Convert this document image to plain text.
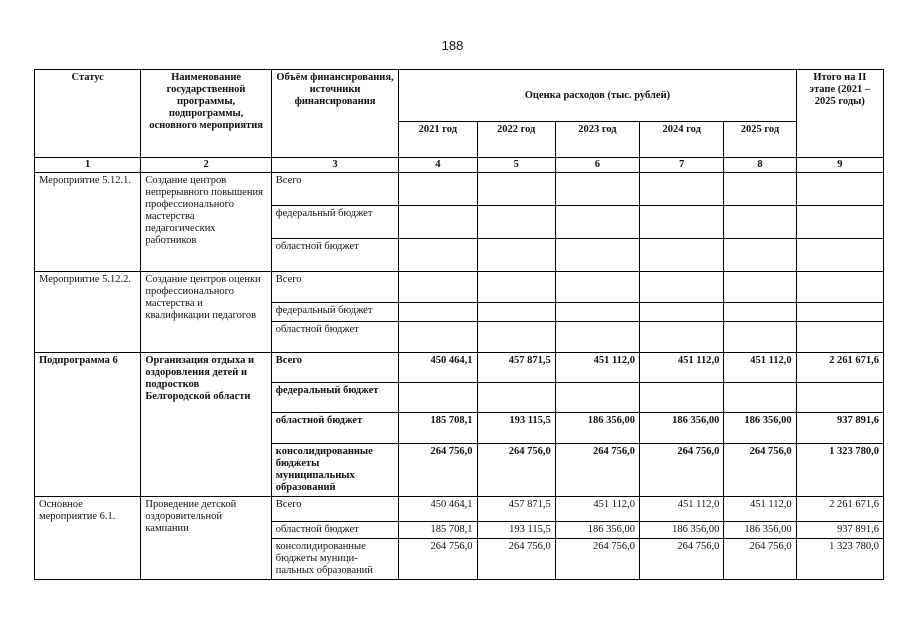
188
Статус	Наименование государственной программы, подпрограммы, основного мероприятия	Объём финансирования, источники финансирования	Оценка расходов (тыс. рублей)					Итого на II этапе (2021 – 2025 годы)
			2021 год	2022 год	2023 год	2024 год	2025 год	
1	2	3	4	5	6	7	8	9
Мероприятие 5.12.1.	Создание центров непрерывного повышения профессионального мастерства педагогических работников	Всего						
		федеральный бюджет						
		областной бюджет						
Мероприятие 5.12.2.	Создание центров оценки профессионального мастерства и квалификации педагогов	Всего						
		федеральный бюджет						
		областной бюджет						
Подпрограмма 6	Организация отдыха и оздоровления детей и подростков Белгородской области	Всего	450 464,1	457 871,5	451 112,0	451 112,0	451 112,0	2 261 671,6
		федеральный бюджет						
		областной бюджет	185 708,1	193 115,5	186 356,00	186 356,00	186 356,00	937 891,6
		консолидированные бюджеты муниципальных образований	264 756,0	264 756,0	264 756,0	264 756,0	264 756,0	1 323 780,0
Основное мероприятие 6.1.	Проведение детской оздоровительной кампании	Всего	450 464,1	457 871,5	451 112,0	451 112,0	451 112,0	2 261 671,6
		областной бюджет	185 708,1	193 115,5	186 356,00	186 356,00	186 356,00	937 891,6
		консолидированные бюджеты муници-пальных образований	264 756,0	264 756,0	264 756,0	264 756,0	264 756,0	1 323 780,0
